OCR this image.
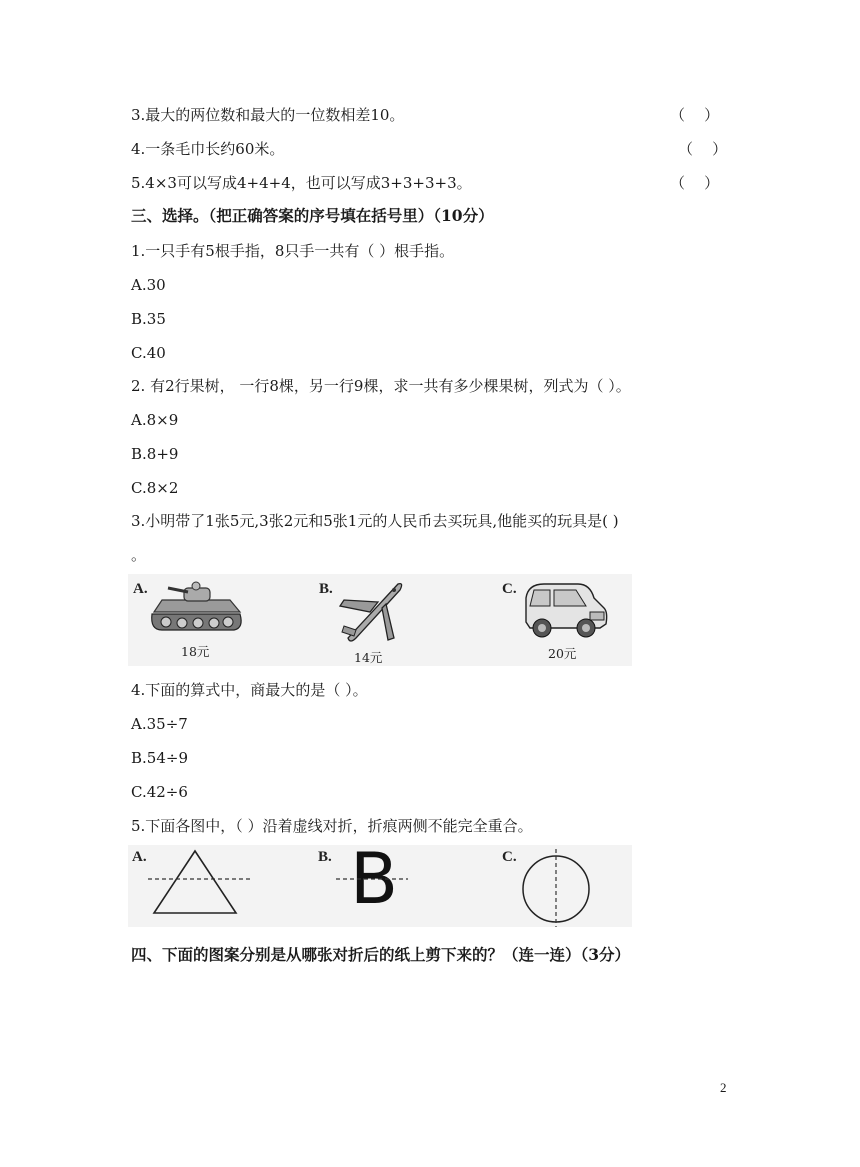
3.最大的两位数和最大的一位数相差10。	（    ）
4.一条毛巾长约60米。	（    ）
5.4×3可以写成4+4+4，也可以写成3+3+3+3。	（    ）
三、选择。（把正确答案的序号填在括号里）（10分）
1.一只手有5根手指，8只手一共有（ ）根手指。
A.30
B.35
C.40
2. 有2行果树， 一行8棵，另一行9棵，求一共有多少棵果树，列式为（ ）。
A.8×9
B.8+9
C.8×2
3.小明带了1张5元,3张2元和5张1元的人民币去买玩具,他能买的玩具是( )
。
A.
18元
B.
14元
C.
20元
4.下面的算式中，商最大的是（ ）。
A.35÷7
B.54÷9
C.42÷6
5.下面各图中，（ ）沿着虚线对折，折痕两侧不能完全重合。
A.	B. B	C.
四、下面的图案分别是从哪张对折后的纸上剪下来的？（连一连）（3分）
2
